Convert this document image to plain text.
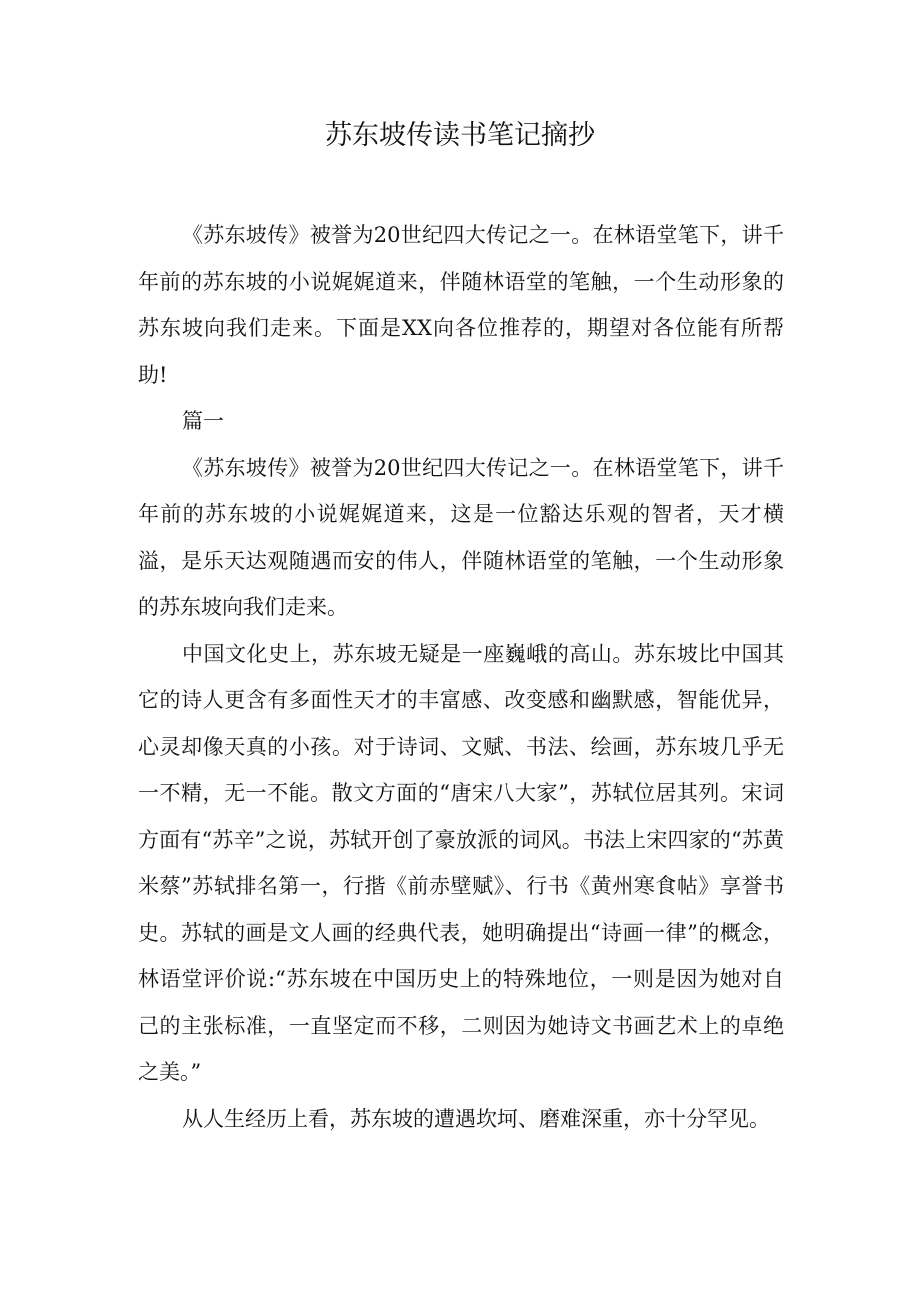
苏东坡传读书笔记摘抄

《苏东坡传》被誉为20世纪四大传记之一。在林语堂笔下，讲千年前的苏东坡的小说娓娓道来，伴随林语堂的笔触，一个生动形象的苏东坡向我们走来。下面是XX向各位推荐的，期望对各位能有所帮助!

篇一

《苏东坡传》被誉为20世纪四大传记之一。在林语堂笔下，讲千年前的苏东坡的小说娓娓道来，这是一位豁达乐观的智者，天才横溢，是乐天达观随遇而安的伟人，伴随林语堂的笔触，一个生动形象的苏东坡向我们走来。

中国文化史上，苏东坡无疑是一座巍峨的高山。苏东坡比中国其它的诗人更含有多面性天才的丰富感、改变感和幽默感，智能优异，心灵却像天真的小孩。对于诗词、文赋、书法、绘画，苏东坡几乎无一不精，无一不能。散文方面的“唐宋八大家”，苏轼位居其列。宋词方面有“苏辛”之说，苏轼开创了豪放派的词风。书法上宋四家的“苏黄米蔡”苏轼排名第一，行揩《前赤壁赋》、行书《黄州寒食帖》享誉书史。苏轼的画是文人画的经典代表，她明确提出“诗画一律”的概念，林语堂评价说:“苏东坡在中国历史上的特殊地位，一则是因为她对自己的主张标准，一直坚定而不移，二则因为她诗文书画艺术上的卓绝之美。”

从人生经历上看，苏东坡的遭遇坎坷、磨难深重，亦十分罕见。
